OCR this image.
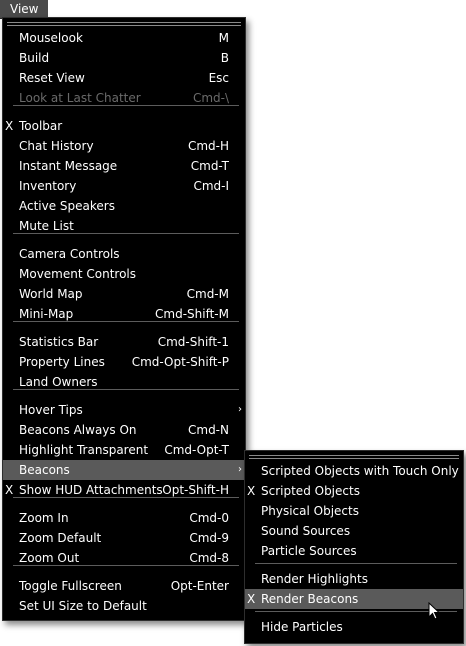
View
Mouselook	M
Build	B
Reset View	Esc
Look at Last Chatter	Cmd-\
X Toolbar
Chat History	Cmd-H
Instant Message	Cmd-T
Inventory	Cmd-I
Active Speakers
Mute List
Camera Controls
Movement Controls
World Map	Cmd-M
Mini-Map	Cmd-Shift-M
Statistics Bar	Cmd-Shift-1
Property Lines Cmd-Opt-Shift-P
Land Owners
Hover Tips	›
Beacons Always On	Cmd-N
Highlight Transparent Cmd-Opt-T
Beacons	›
X Show HUD Attachments Opt-Shift-H
Zoom In	Cmd-0
Zoom Default	Cmd-9
Zoom Out	Cmd-8
Toggle Fullscreen	Opt-Enter
Set UI Size to Default
Scripted Objects with Touch Only
X Scripted Objects
Physical Objects
Sound Sources
Particle Sources
Render Highlights
X Render Beacons
Hide Particles
